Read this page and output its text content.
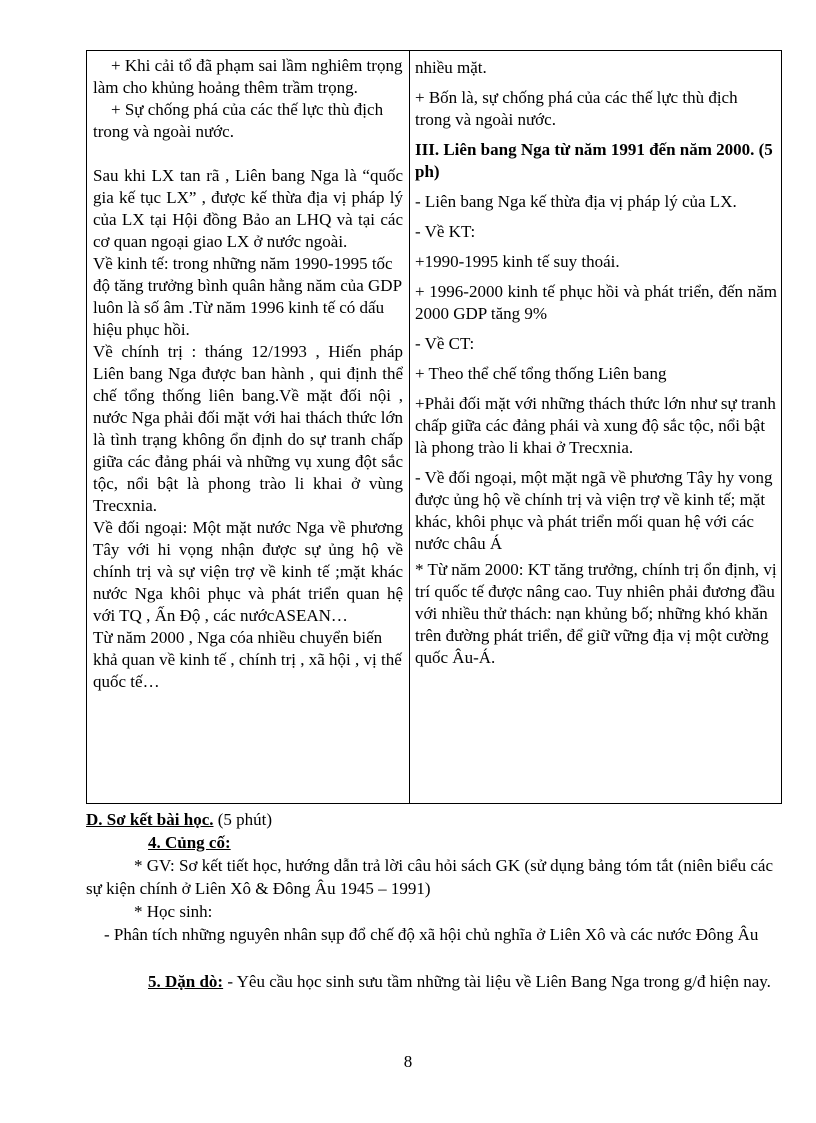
+ Khi cải tổ đã phạm sai lầm nghiêm trọng làm cho khủng hoảng thêm trầm trọng.

+ Sự chống phá của các thế lực thù địch trong và ngoài nước.

Sau khi LX tan rã , Liên bang Nga là “quốc gia kế tục LX” , được kế thừa địa vị pháp lý của LX tại Hội đồng Bảo an LHQ và tại các cơ quan ngoại giao LX ở nước ngoài.

Về kinh tế: trong những năm 1990-1995 tốc độ tăng trưởng bình quân hằng năm của GDP luôn là số âm .Từ năm 1996 kinh tế có dấu hiệu phục hồi.

Về chính trị : tháng 12/1993 , Hiến pháp Liên bang Nga được ban hành , qui định thể chế tổng thống liên bang.Về mặt đối nội , nước Nga phải đối mặt với hai thách thức lớn là tình trạng không ổn định do sự tranh chấp giữa các đảng phái và những vụ xung đột sắc tộc, nổi bật là phong trào li khai ở vùng Trecxnia.

Về đối ngoại: Một mặt nước Nga về phương Tây với hi vọng nhận được sự ủng hộ về chính trị và sự viện trợ về kinh tế ;mặt khác nước Nga khôi phục và phát triển quan hệ với TQ , Ấn Độ , các nướcASEAN…

Từ năm 2000 , Nga cóa nhiều chuyển biến khả quan về kinh tế , chính trị , xã hội , vị thế quốc tế…

nhiều mặt.

+ Bốn là, sự chống phá của các thế lực thù địch trong và ngoài nước.

III. Liên bang Nga từ năm 1991 đến năm 2000. (5 ph)

- Liên bang Nga kế thừa địa vị pháp lý của LX.

- Về KT:

+1990-1995 kinh tế suy thoái.

+ 1996-2000 kinh tế phục hồi và phát triển, đến năm 2000 GDP tăng 9%

- Về CT:

+ Theo thể chế tổng thống Liên bang

+Phải đối mặt với những thách thức lớn như sự tranh chấp giữa các đảng phái và xung độ sắc tộc, nổi bật là phong trào li khai ở Trecxnia.

- Về đối ngoại, một mặt ngã về phương Tây hy vong được ủng hộ về chính trị và viện trợ về kinh tế; mặt khác, khôi phục và phát triển mối quan hệ với các nước châu Á

* Từ năm 2000: KT tăng trưởng, chính trị ổn định, vị trí quốc tế được nâng cao. Tuy nhiên phải đương đầu với nhiều thử thách: nạn khủng bố; những khó khăn trên đường phát triển, để giữ vững địa vị một cường quốc Âu-Á.

D. Sơ kết bài học. (5 phút)
4. Củng cố:
* GV: Sơ kết tiết học, hướng dẫn trả lời câu hỏi sách GK (sử dụng bảng tóm tắt (niên biểu các sự kiện chính ở Liên Xô & Đông Âu 1945 – 1991)
* Học sinh:
- Phân tích những nguyên nhân sụp đổ chế độ xã hội chủ nghĩa ở Liên Xô và các nước Đông Âu
5. Dặn dò: - Yêu cầu học sinh sưu tầm những tài liệu về Liên Bang Nga trong g/đ hiện nay.
8
